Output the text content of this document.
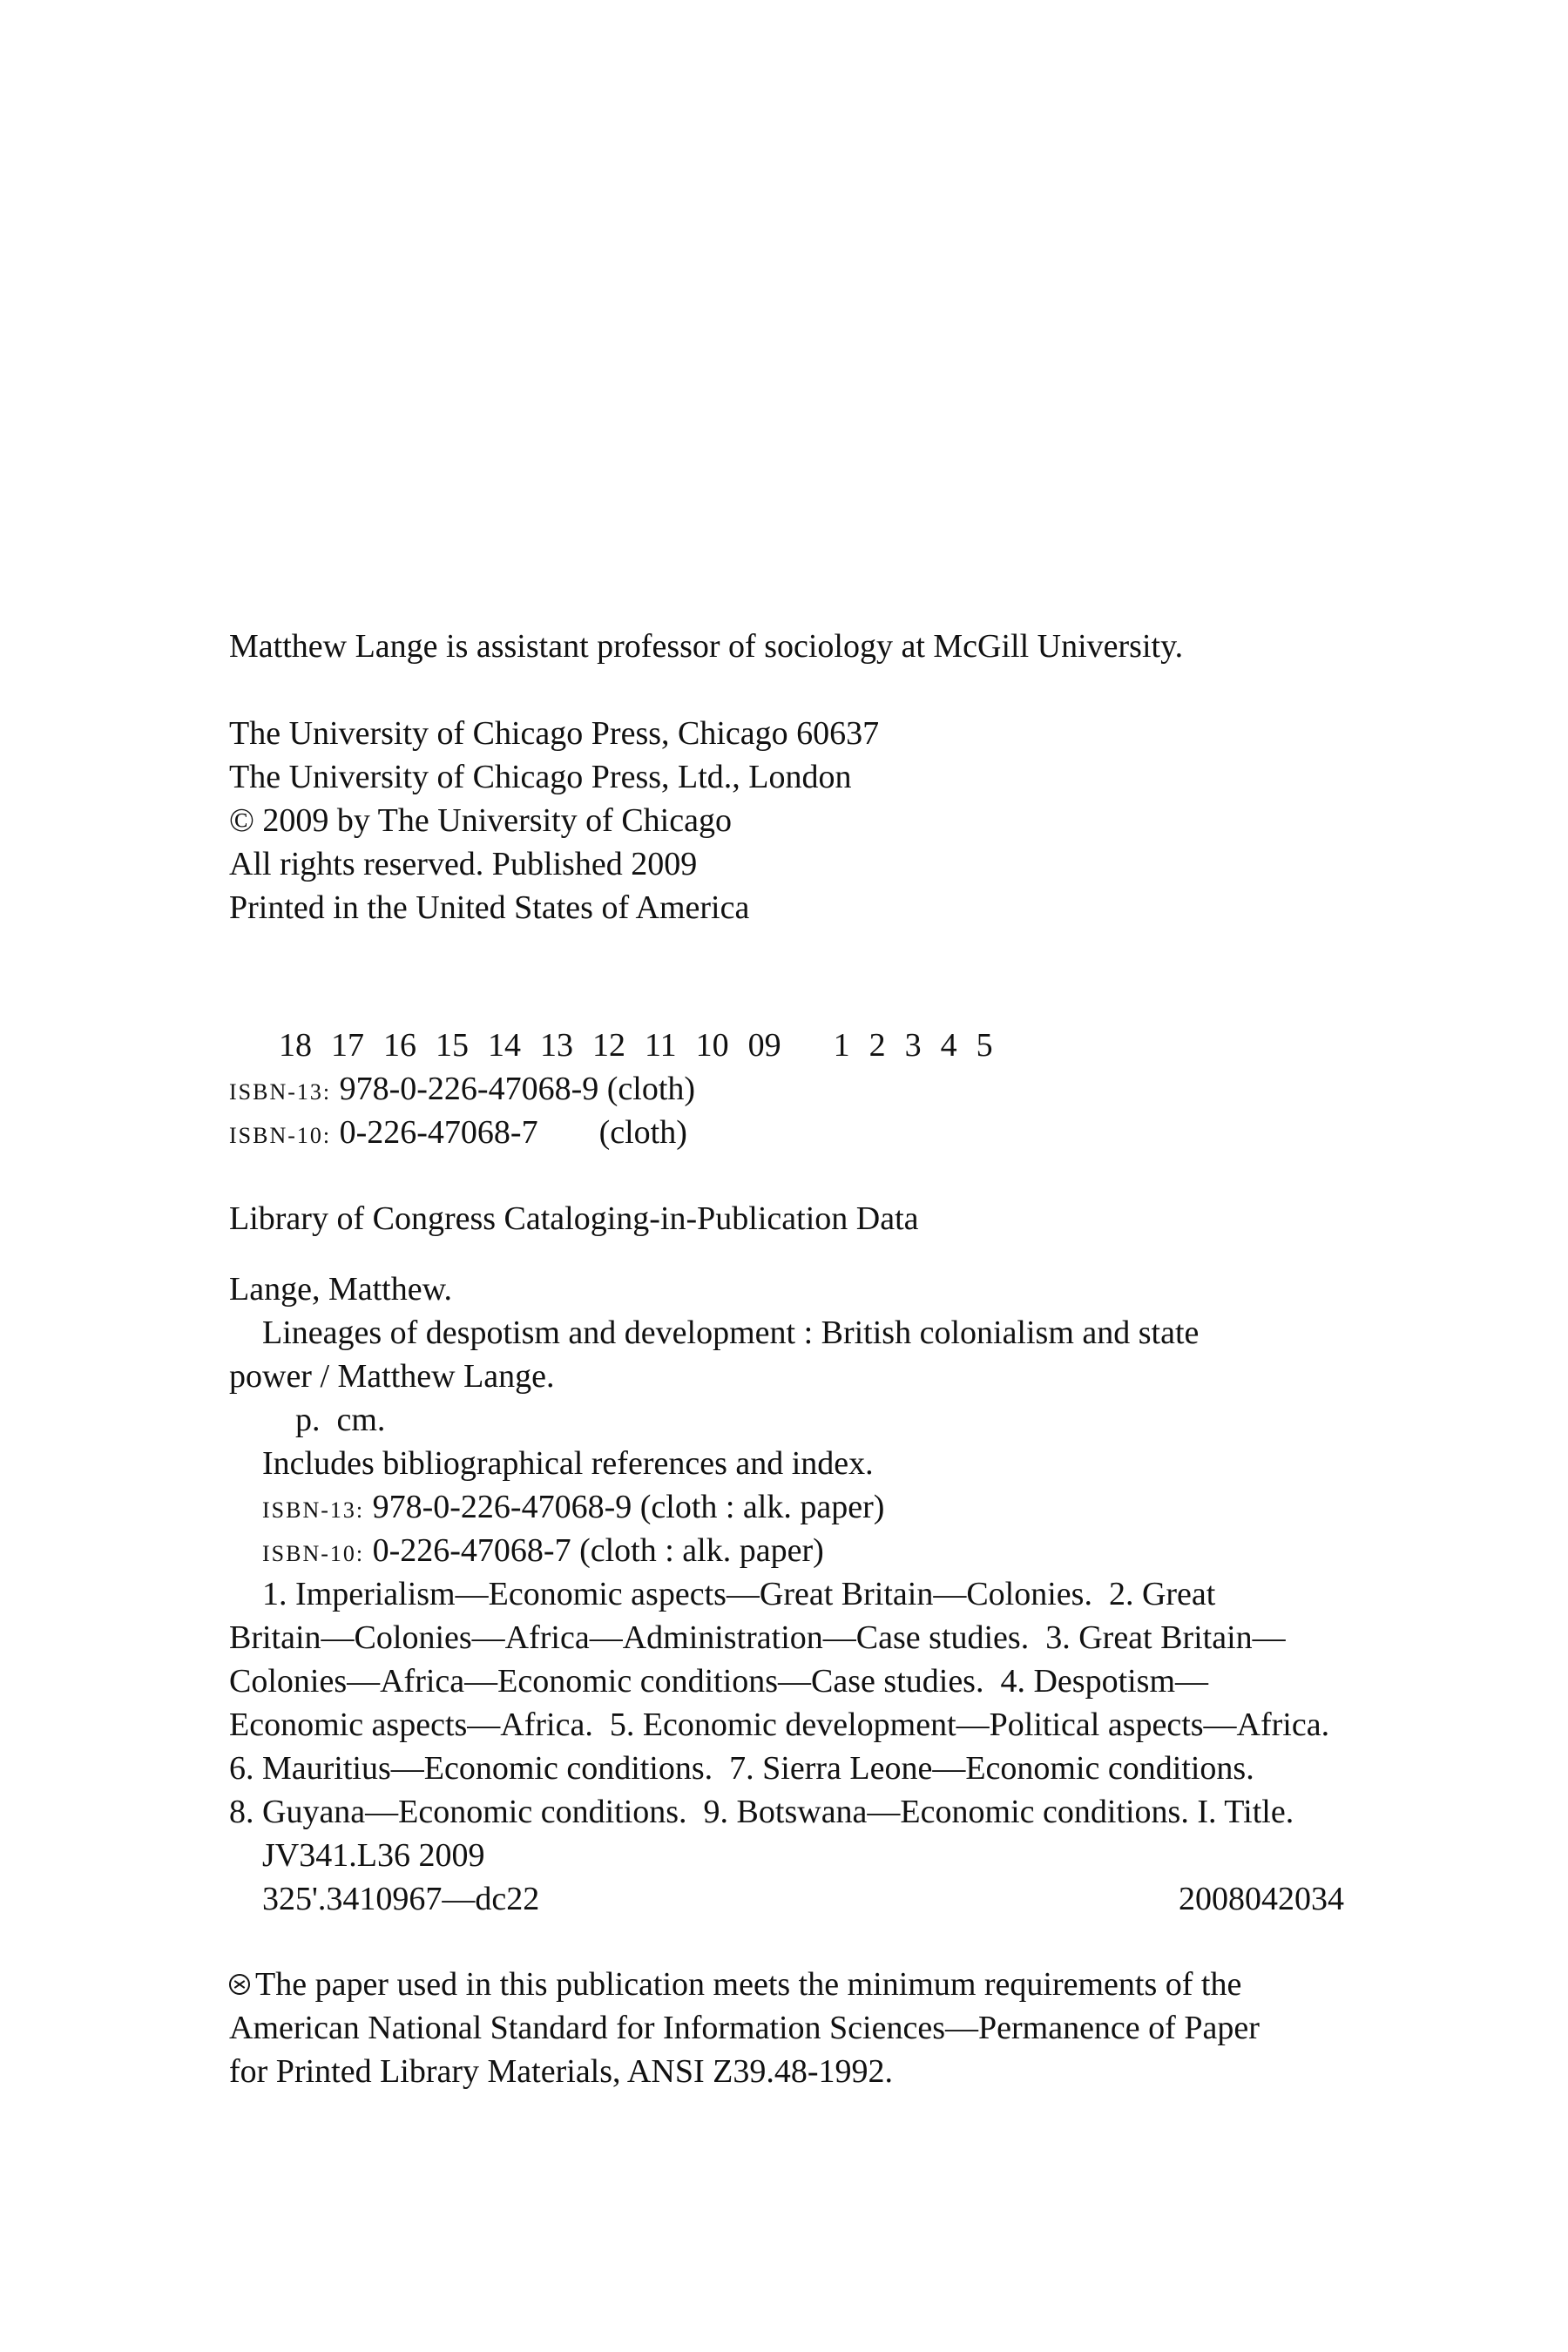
Matthew Lange is assistant professor of sociology at McGill University.
The University of Chicago Press, Chicago 60637
The University of Chicago Press, Ltd., London
© 2009 by The University of Chicago
All rights reserved. Published 2009
Printed in the United States of America

18 17 16 15 14 13 12 11 10 09 1 2 3 4 5

ISBN-13: 978-0-226-47068-9 (cloth)
ISBN-10: 0-226-47068-7 (cloth)
Library of Congress Cataloging-in-Publication Data
Lange, Matthew.
Lineages of despotism and development : British colonialism and state
power / Matthew Lange.
p.  cm.
Includes bibliographical references and index.
ISBN-13: 978-0-226-47068-9 (cloth : alk. paper)
ISBN-10: 0-226-47068-7 (cloth : alk. paper)
1. Imperialism—Economic aspects—Great Britain—Colonies.  2. Great
Britain—Colonies—Africa—Administration—Case studies.  3. Great Britain—
Colonies—Africa—Economic conditions—Case studies.  4. Despotism—
Economic aspects—Africa.  5. Economic development—Political aspects—Africa.
6. Mauritius—Economic conditions.  7. Sierra Leone—Economic conditions.
8. Guyana—Economic conditions.  9. Botswana—Economic conditions. I. Title.
JV341.L36 2009
325'.3410967—dc22	2008042034
The paper used in this publication meets the minimum requirements of the
American National Standard for Information Sciences—Permanence of Paper
for Printed Library Materials, ANSI Z39.48-1992.
